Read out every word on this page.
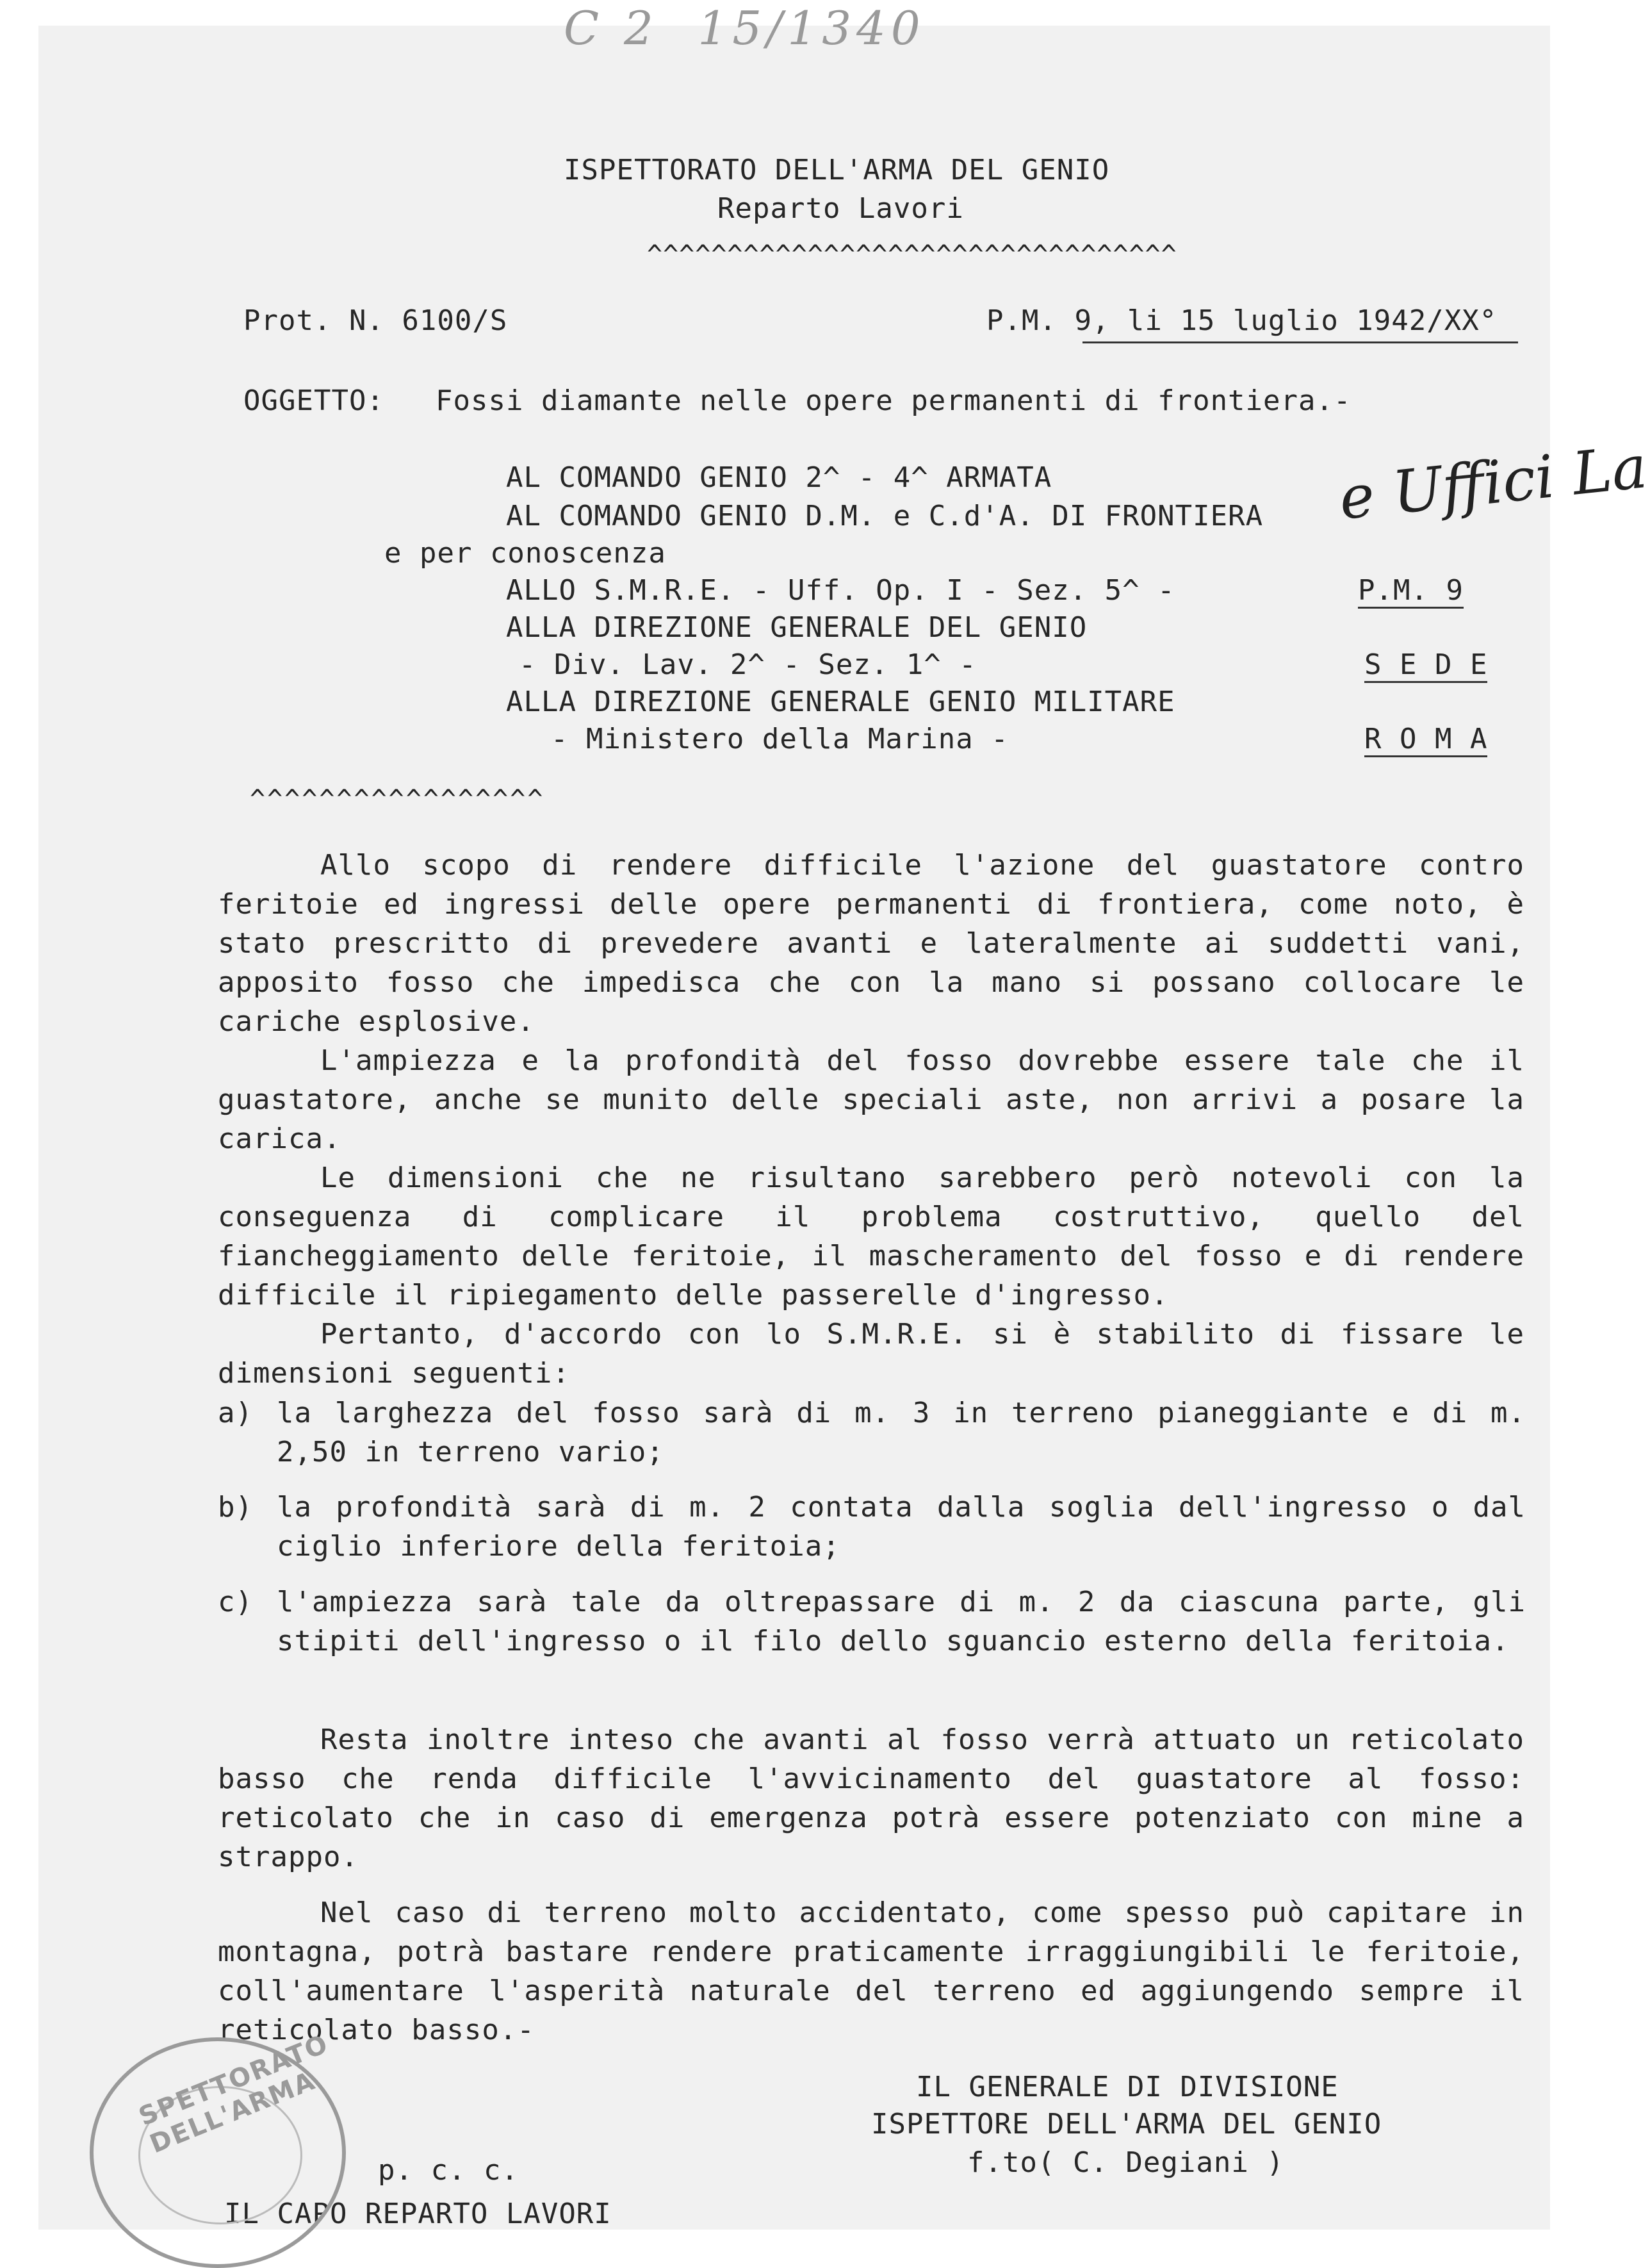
C 2  15/1340
ISPETTORATO DELL'ARMA DEL GENIO
Reparto Lavori
^^^^^^^^^^^^^^^^^^^^^^^^^^^^^^^^^
Prot. N. 6100/S	P.M. 9, li 15 luglio 1942/XX°
OGGETTO: Fossi diamante nelle opere permanenti di frontiera.-
AL COMANDO GENIO 2^ - 4^ ARMATA
AL COMANDO GENIO D.M. e C.d'A. DI FRONTIERA e Uffici La
e per conoscenza
ALLO S.M.R.E. - Uff. Op. I - Sez. 5^ -	P.M. 9
ALLA DIREZIONE GENERALE DEL GENIO
- Div. Lav. 2^ - Sez. 1^ -	S E D E
ALLA DIREZIONE GENERALE GENIO MILITARE
- Ministero della Marina -	R O M A
^^^^^^^^^^^^^^^^^
Allo scopo di rendere difficile l'azione del guastatore contro feritoie ed ingressi delle opere permanenti di frontiera, come noto, è stato prescritto di prevedere avanti e lateralmente ai suddetti vani, apposito fosso che impedisca che con la mano si possano collocare le cariche esplosive.
L'ampiezza e la profondità del fosso dovrebbe essere tale che il guastatore, anche se munito delle speciali aste, non arrivi a posare la carica.
Le dimensioni che ne risultano sarebbero però notevoli con la conseguenza di complicare il problema costruttivo, quello del fiancheggiamento delle feritoie, il mascheramento del fosso e di rendere difficile il ripiegamento delle passerelle d'ingresso.
Pertanto, d'accordo con lo S.M.R.E. si è stabilito di fissare le dimensioni seguenti:
a) la larghezza del fosso sarà di m. 3 in terreno pianeggiante e di m. 2,50 in terreno vario;
b) la profondità sarà di m. 2 contata dalla soglia dell'ingresso o dal ciglio inferiore della feritoia;
c) l'ampiezza sarà tale da oltrepassare di m. 2 da ciascuna parte, gli stipiti dell'ingresso o il filo dello sguancio esterno della feritoia.
Resta inoltre inteso che avanti al fosso verrà attuato un reticolato basso che renda difficile l'avvicinamento del guastatore al fosso: reticolato che in caso di emergenza potrà essere potenziato con mine a strappo.
Nel caso di terreno molto accidentato, come spesso può capitare in montagna, potrà bastare rendere praticamente irraggiungibili le feritoie, coll'aumentare l'asperità naturale del terreno ed aggiungendo sempre il reticolato basso.-
IL GENERALE DI DIVISIONE
ISPETTORE DELL'ARMA DEL GENIO
f.to( C. Degiani )
p. c. c.
IL CAPO REPARTO LAVORI
SPETTORATO DELL'ARMA
